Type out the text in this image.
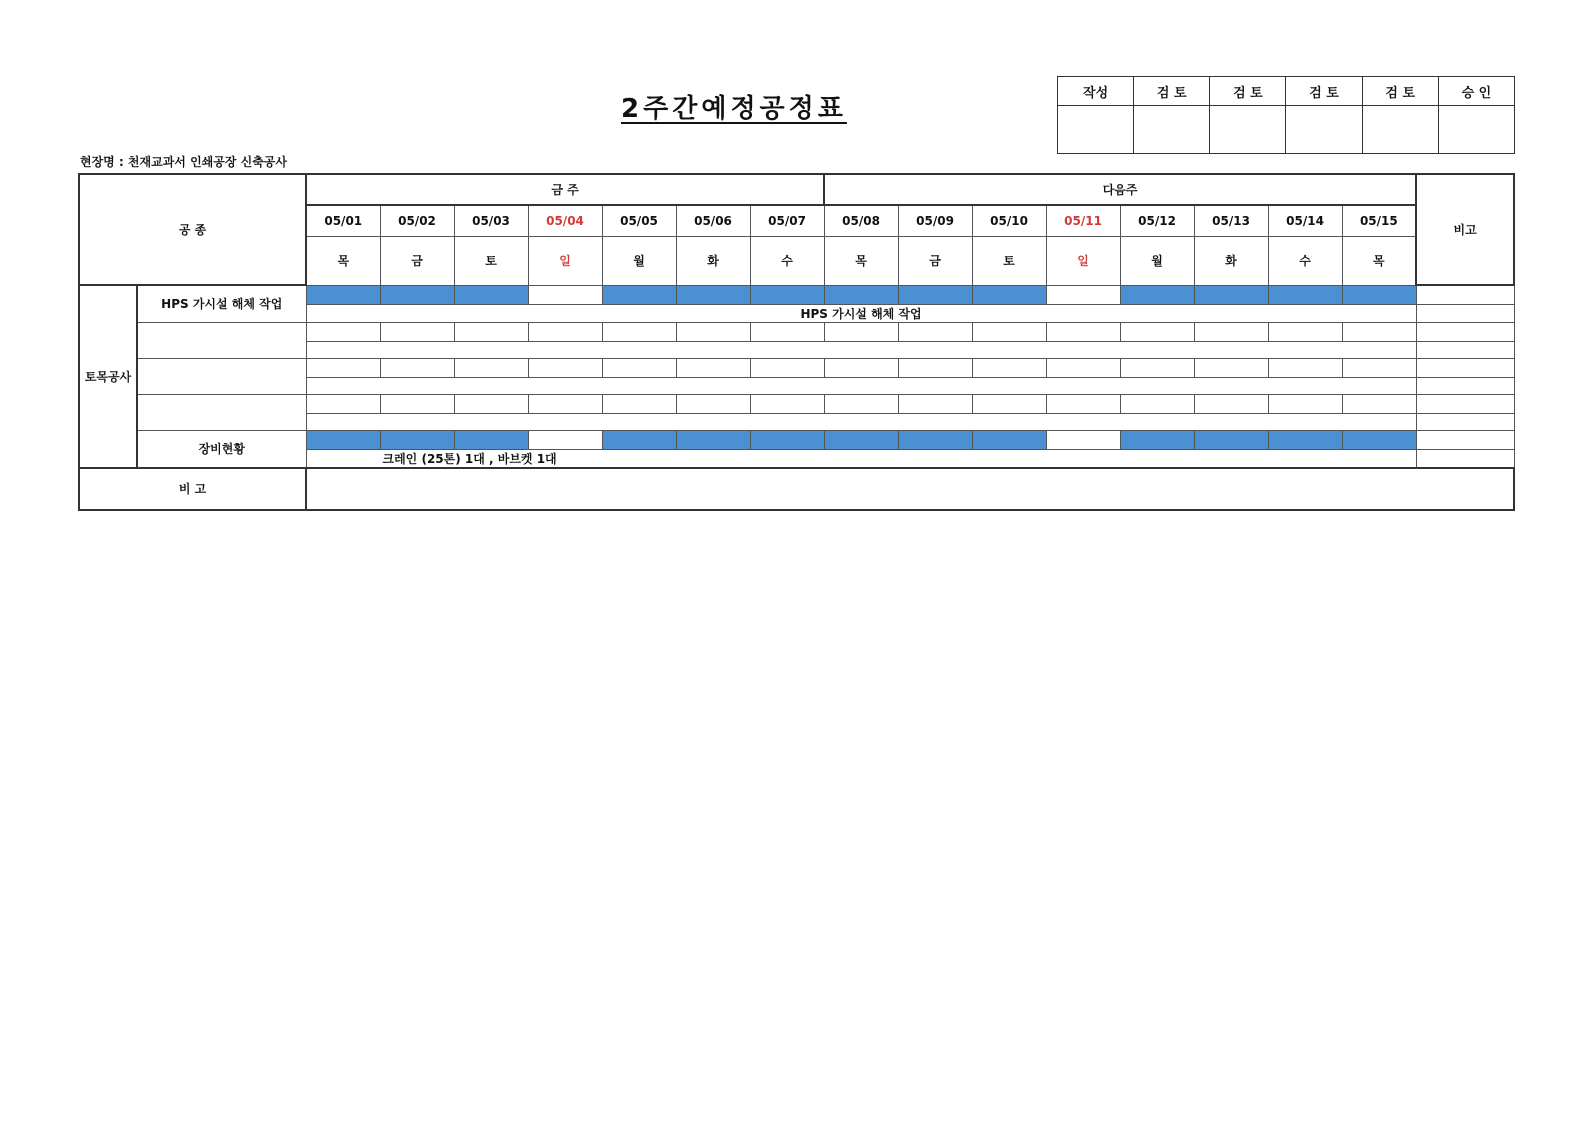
2주간예정공정표
작성	검 토	검 토	검 토	검 토	승 인

현장명 : 천재교과서 인쇄공장 신축공사
공 종		금 주							다음주								비고
		05/01	05/02	05/03	05/04	05/05	05/06	05/07	05/08	05/09	05/10	05/11	05/12	05/13	05/14	05/15	
		목	금	토	일	월	화	수	목	금	토	일	월	화	수	목	
토목공사	HPS 가시설 해체 작업																
		HPS 가시설 해체 작업															

	장비현황																
		크레인 (25톤) 1대 , 바브켓 1대															
비 고																	
